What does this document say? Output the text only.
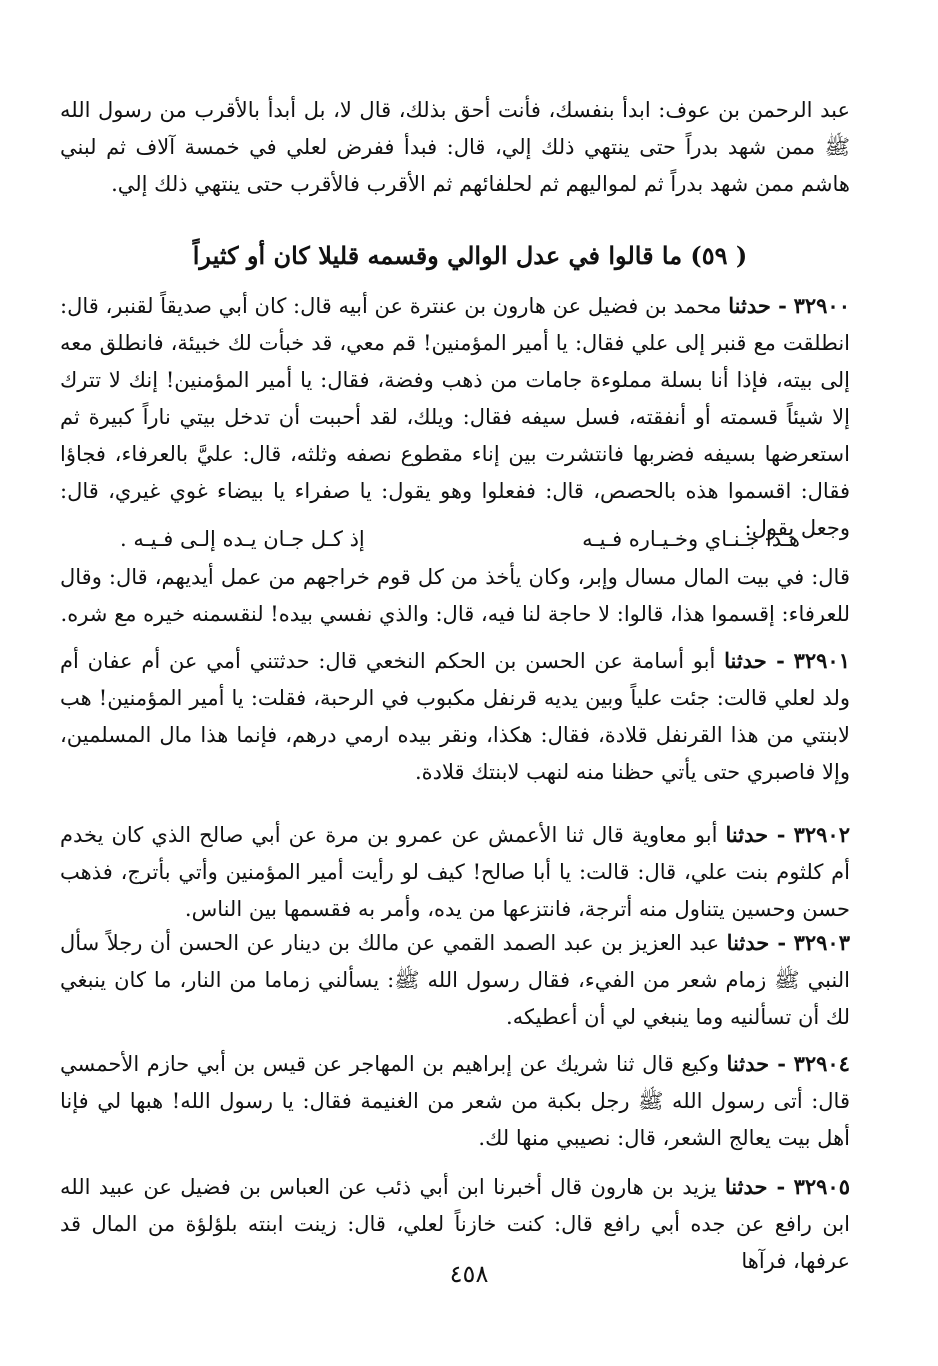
عبد الرحمن بن عوف: ابدأ بنفسك، فأنت أحق بذلك، قال لا، بل أبدأ بالأقرب من رسول الله ﷺ ممن شهد بدراً حتى ينتهي ذلك إلي، قال: فبدأ ففرض لعلي في خمسة آلاف ثم لبني هاشم ممن شهد بدراً ثم لمواليهم ثم لحلفائهم ثم الأقرب فالأقرب حتى ينتهي ذلك إلي.

( ٥٩) ما قالوا في عدل الوالي وقسمه قليلا كان أو كثيراً

٣٢٩٠٠ - حدثنا محمد بن فضيل عن هارون بن عنترة عن أبيه قال: كان أبي صديقاً لقنبر، قال: انطلقت مع قنبر إلى علي فقال: يا أمير المؤمنين! قم معي، قد خبأت لك خبيئة، فانطلق معه إلى بيته، فإذا أنا بسلة مملوءة جامات من ذهب وفضة، فقال: يا أمير المؤمنين! إنك لا تترك إلا شيئاً قسمته أو أنفقته، فسل سيفه فقال: ويلك، لقد أحببت أن تدخل بيتي ناراً كبيرة ثم استعرضها بسيفه فضربها فانتشرت بين إناء مقطوع نصفه وثلثه، قال: عليَّ بالعرفاء، فجاؤا فقال: اقسموا هذه بالحصص، قال: ففعلوا وهو يقول: يا صفراء يا بيضاء غوي غيري، قال: وجعل يقول:

هـذا جـنـاي وخـيـاره فـيـه
إذ كـل جـان يـده إلـى فـيـه .

قال: في بيت المال مسال وإبر، وكان يأخذ من كل قوم خراجهم من عمل أيديهم، قال: وقال للعرفاء: إقسموا هذا، قالوا: لا حاجة لنا فيه، قال: والذي نفسي بيده! لنقسمنه خيره مع شره.

٣٢٩٠١ - حدثنا أبو أسامة عن الحسن بن الحكم النخعي قال: حدثتني أمي عن أم عفان أم ولد لعلي قالت: جئت علياً وبين يديه قرنفل مكبوب في الرحبة، فقلت: يا أمير المؤمنين! هب لابنتي من هذا القرنفل قلادة، فقال: هكذا، ونقر بيده ارمي درهم، فإنما هذا مال المسلمين، وإلا فاصبري حتى يأتي حظنا منه لنهب لابنتك قلادة.

٣٢٩٠٢ - حدثنا أبو معاوية قال ثنا الأعمش عن عمرو بن مرة عن أبي صالح الذي كان يخدم أم كلثوم بنت علي، قال: قالت: يا أبا صالح! كيف لو رأيت أمير المؤمنين وأتي بأترج، فذهب حسن وحسين يتناول منه أترجة، فانتزعها من يده، وأمر به فقسمها بين الناس.

٣٢٩٠٣ - حدثنا عبد العزيز بن عبد الصمد القمي عن مالك بن دينار عن الحسن أن رجلاً سأل النبي ﷺ زمام شعر من الفيء، فقال رسول الله ﷺ: يسألني زماما من النار، ما كان ينبغي لك أن تسألنيه وما ينبغي لي أن أعطيكه.

٣٢٩٠٤ - حدثنا وكيع قال ثنا شريك عن إبراهيم بن المهاجر عن قيس بن أبي حازم الأحمسي قال: أتى رسول الله ﷺ رجل بكبة من شعر من الغنيمة فقال: يا رسول الله! هبها لي فإنا أهل بيت يعالج الشعر، قال: نصيبي منها لك.

٣٢٩٠٥ - حدثنا يزيد بن هارون قال أخبرنا ابن أبي ذئب عن العباس بن فضيل عن عبيد الله ابن رافع عن جده أبي رافع قال: كنت خازناً لعلي، قال: زينت ابنته بلؤلؤة من المال قد عرفها، فرآها

٤٥٨
